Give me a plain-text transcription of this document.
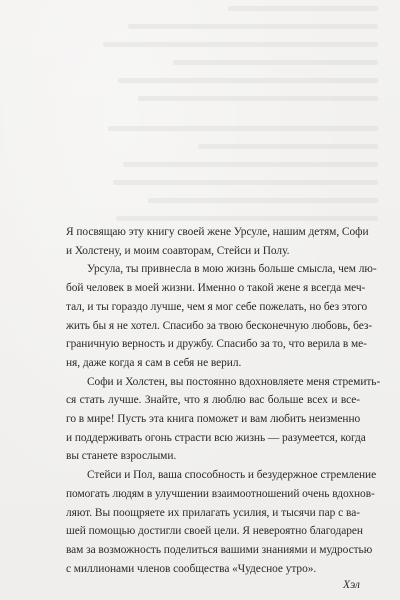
Я посвящаю эту книгу своей жене Урсуле, нашим детям, Софи
и Холстену, и моим соавторам, Стейси и Полу.

Урсула, ты привнесла в мою жизнь больше смысла, чем лю-
бой человек в моей жизни. Именно о такой жене я всегда меч-
тал, и ты гораздо лучше, чем я мог себе пожелать, но без этого
жить бы я не хотел. Спасибо за твою бесконечную любовь, без-
граничную верность и дружбу. Спасибо за то, что верила в ме-
ня, даже когда я сам в себя не верил.

Софи и Холстен, вы постоянно вдохновляете меня стремить-
ся стать лучше. Знайте, что я люблю вас больше всех и все-
го в мире! Пусть эта книга поможет и вам любить неизменно
и поддерживать огонь страсти всю жизнь — разумеется, когда
вы станете взрослыми.

Стейси и Пол, ваша способность и безудержное стремление
помогать людям в улучшении взаимоотношений очень вдохнов-
ляют. Вы поощряете их прилагать усилия, и тысячи пар с ва-
шей помощью достигли своей цели. Я невероятно благодарен
вам за возможность поделиться вашими знаниями и мудростью
с миллионами членов сообщества «Чудесное утро».

Хэл
